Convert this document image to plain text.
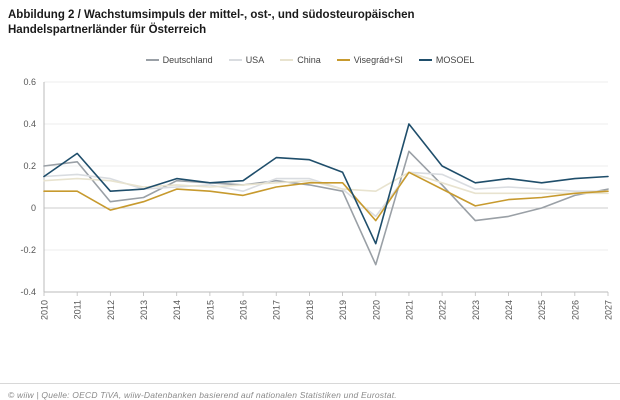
Abbildung 2 / Wachstumsimpuls der mittel-, ost-, und südosteuropäischen
Handelspartnerländer für Österreich
Deutschland	USA	China	Visegrád+SI	MOSOEL
-0.4
-0.2
0
0.2
0.4
0.6
2010	2011	2012	2013	2014	2015	2016	2017	2018	2019	2020	2021	2022	2023	2024	2025	2026	2027
© wiiw | Quelle: OECD TiVA, wiiw-Datenbanken basierend auf nationalen Statistiken und Eurostat.
